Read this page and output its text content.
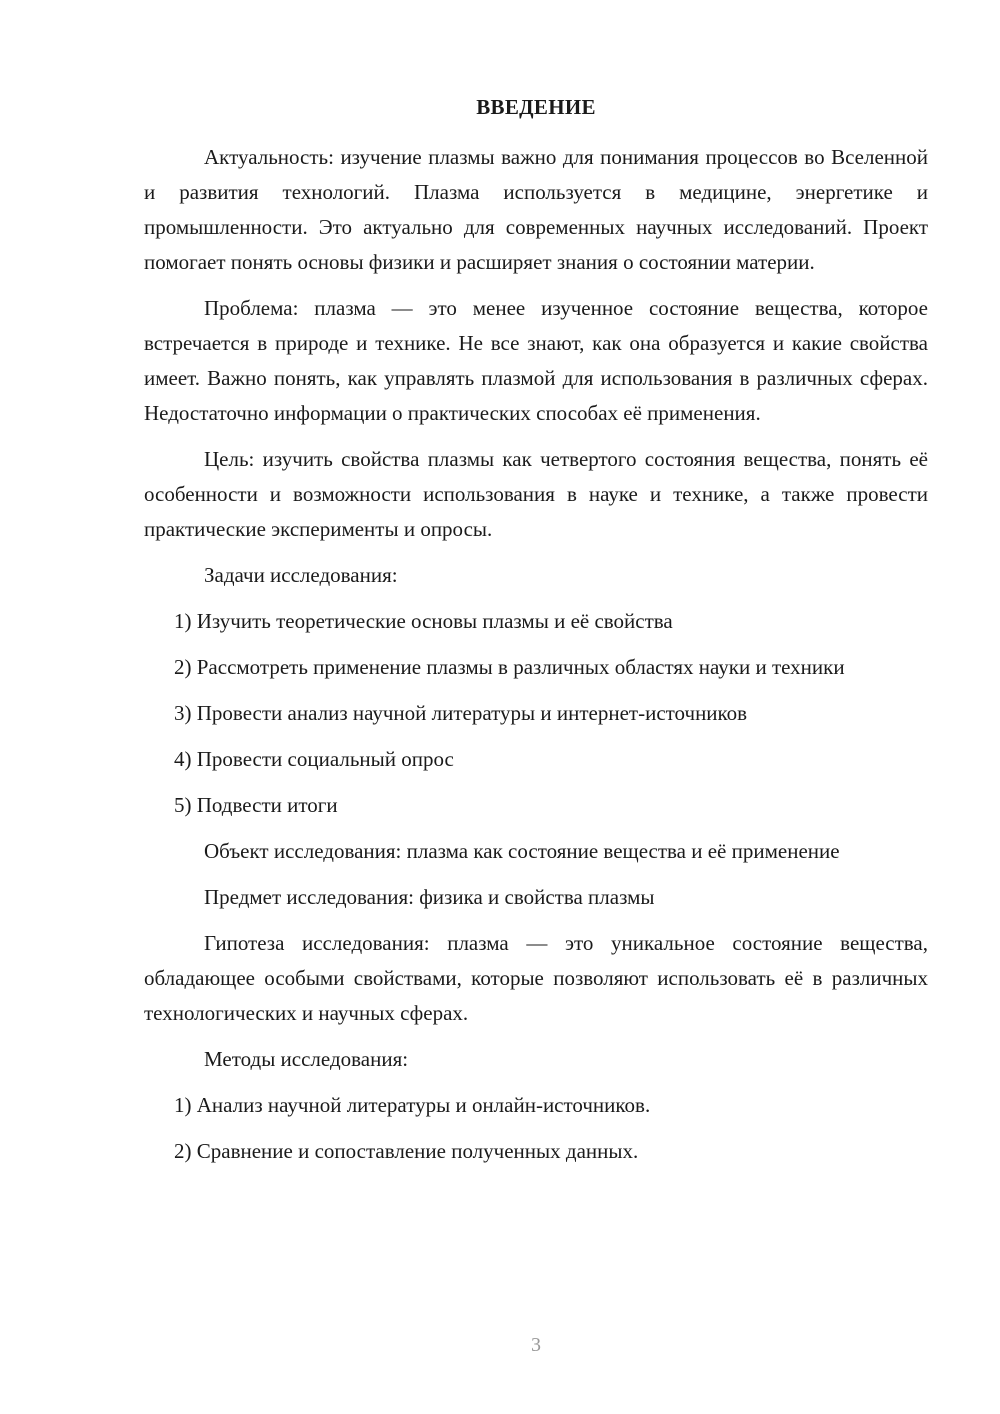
ВВЕДЕНИЕ

Актуальность: изучение плазмы важно для понимания процессов во Вселенной и развития технологий. Плазма используется в медицине, энергетике и промышленности. Это актуально для современных научных исследований. Проект помогает понять основы физики и расширяет знания о состоянии материи.

Проблема: плазма — это менее изученное состояние вещества, которое встречается в природе и технике. Не все знают, как она образуется и какие свойства имеет. Важно понять, как управлять плазмой для использования в различных сферах. Недостаточно информации о практических способах её применения.

Цель: изучить свойства плазмы как четвертого состояния вещества, понять её особенности и возможности использования в науке и технике, а также провести практические эксперименты и опросы.

Задачи исследования:

1) Изучить теоретические основы плазмы и её свойства

2) Рассмотреть применение плазмы в различных областях науки и техники

3) Провести анализ научной литературы и интернет-источников

4) Провести социальный опрос

5) Подвести итоги

Объект исследования: плазма как состояние вещества и её применение

Предмет исследования: физика и свойства плазмы

Гипотеза исследования: плазма — это уникальное состояние вещества, обладающее особыми свойствами, которые позволяют использовать её в различных технологических и научных сферах.

Методы исследования:

1) Анализ научной литературы и онлайн-источников.

2) Сравнение и сопоставление полученных данных.

3
